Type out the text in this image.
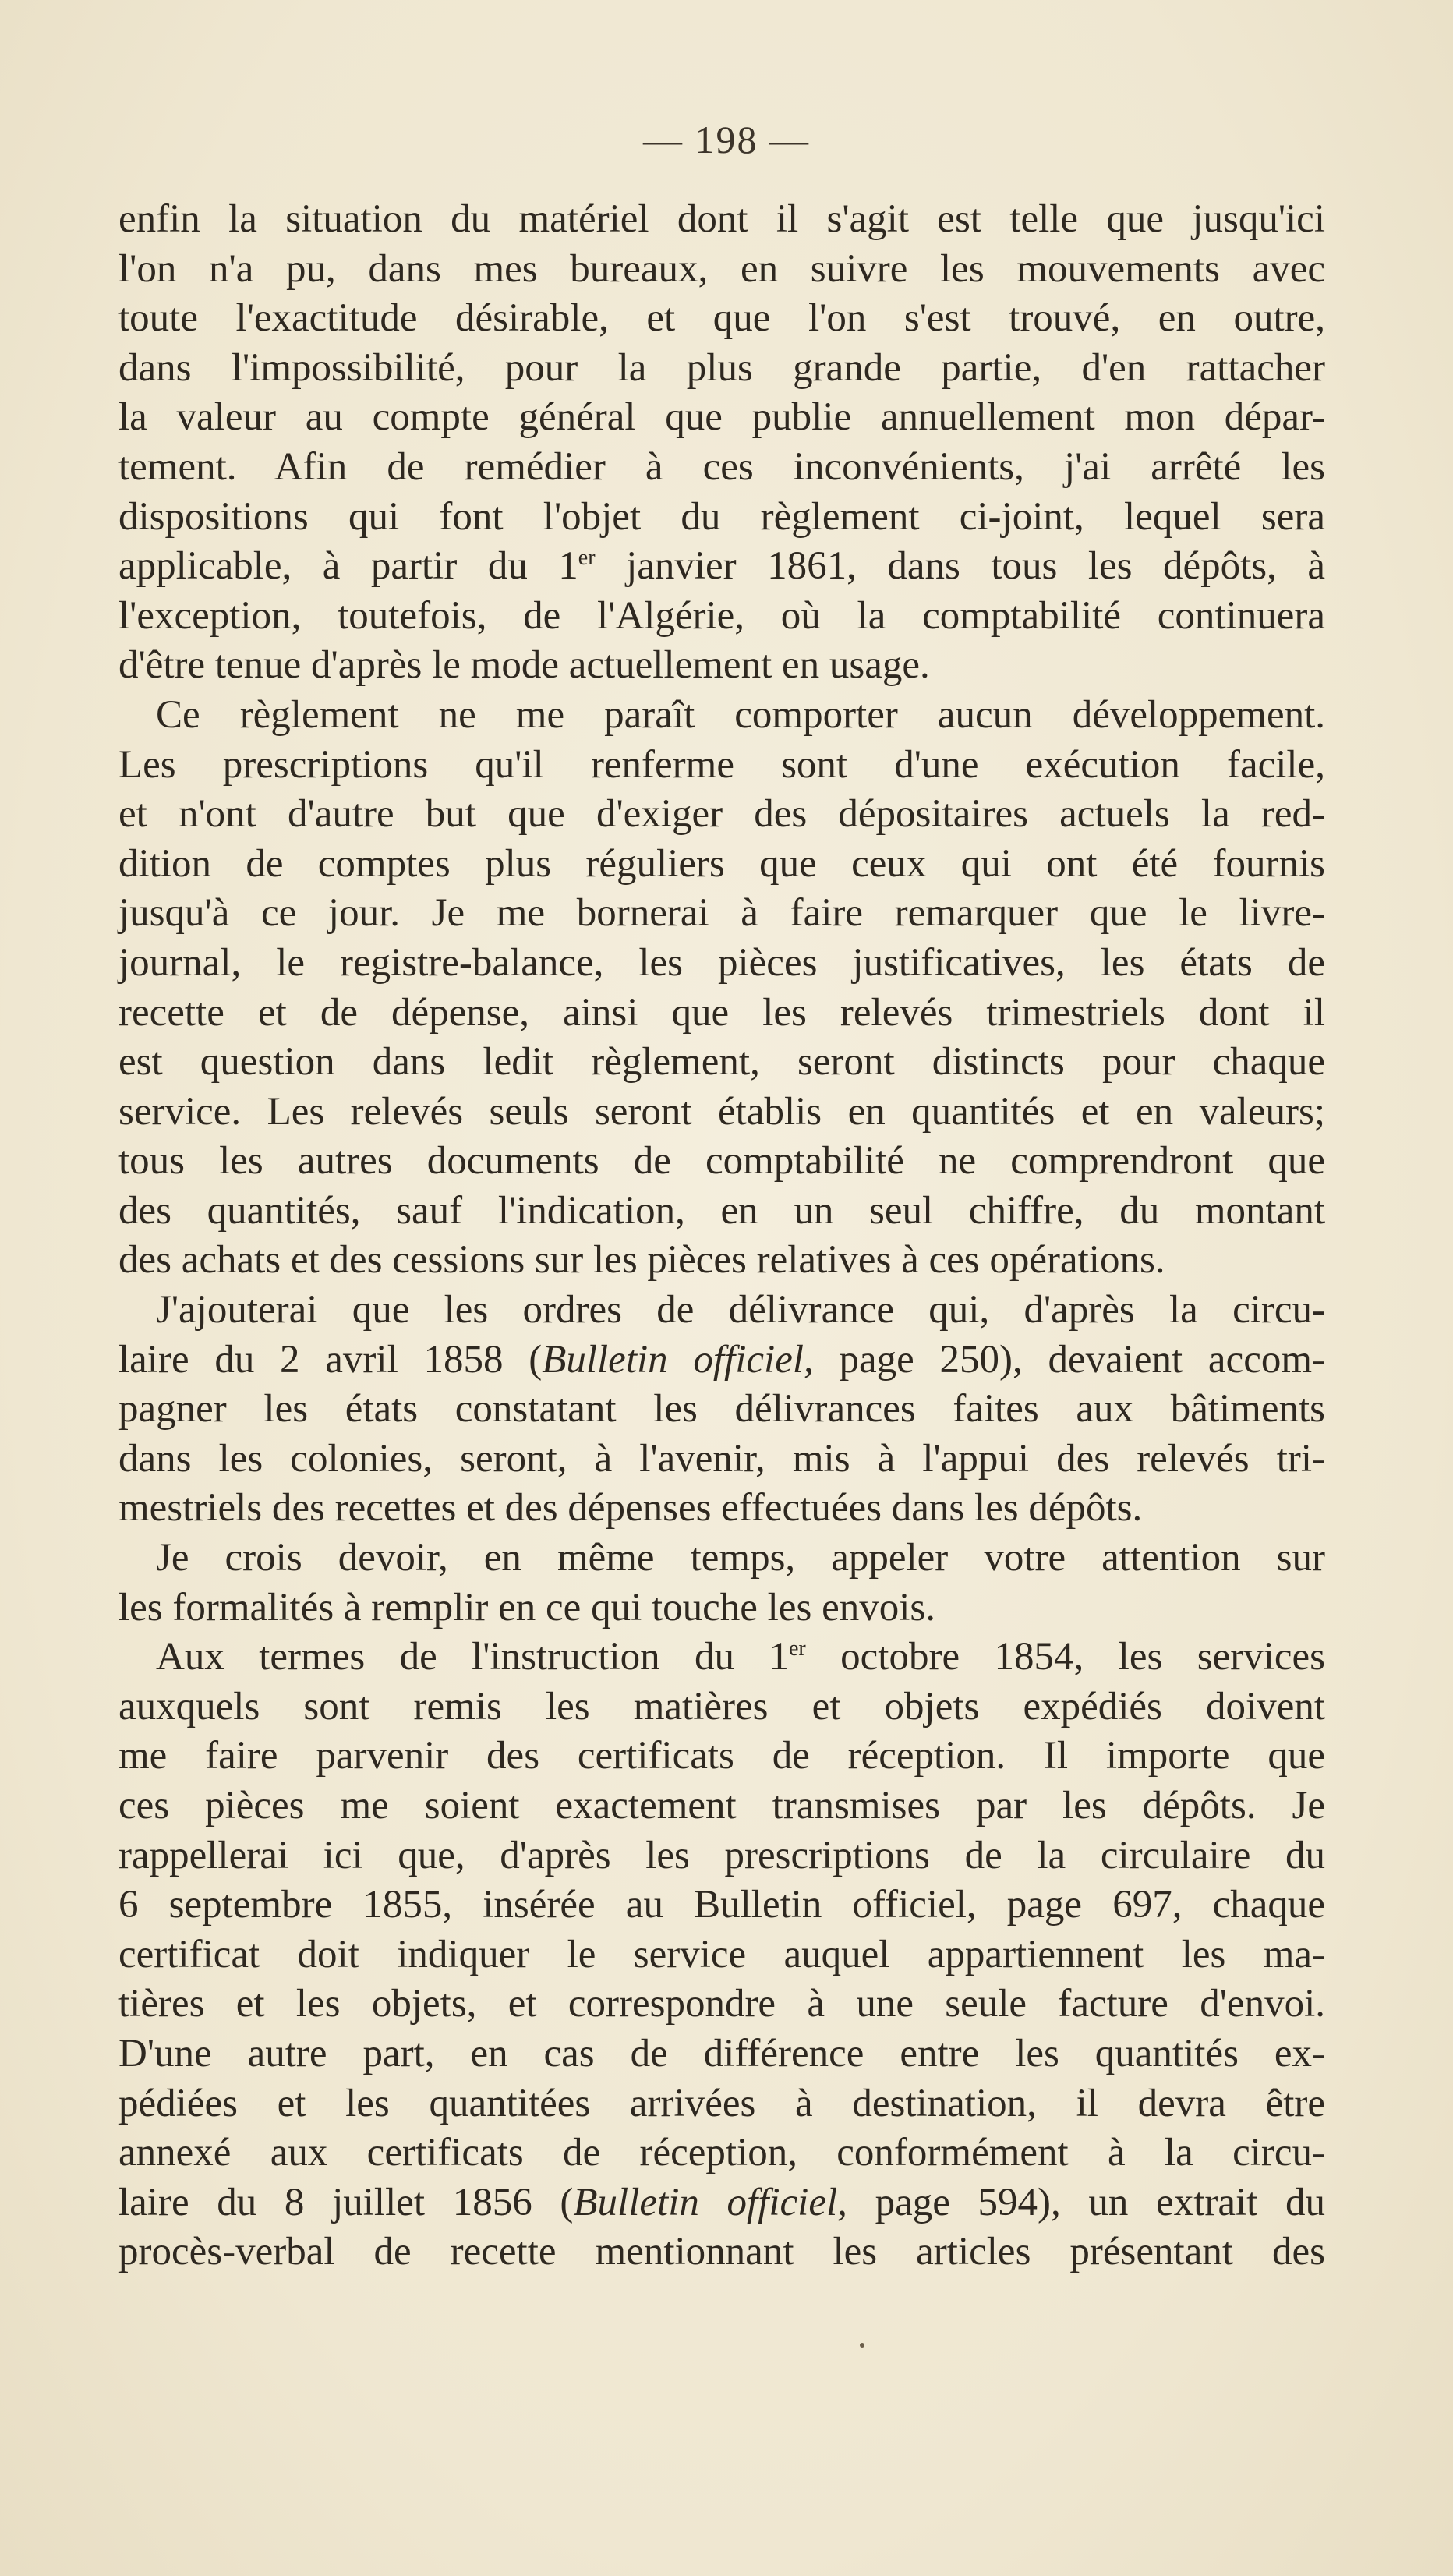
— 198 —
enfin la situation du matériel dont il s'agit est telle que jusqu'ici
l'on n'a pu, dans mes bureaux, en suivre les mouvements avec
toute l'exactitude désirable, et que l'on s'est trouvé, en outre,
dans l'impossibilité, pour la plus grande partie, d'en rattacher
la valeur au compte général que publie annuellement mon dépar-
tement. Afin de remédier à ces inconvénients, j'ai arrêté les
dispositions qui font l'objet du règlement ci-joint, lequel sera
applicable, à partir du 1er janvier 1861, dans tous les dépôts, à
l'exception, toutefois, de l'Algérie, où la comptabilité continuera
d'être tenue d'après le mode actuellement en usage.
Ce règlement ne me paraît comporter aucun développement.
Les prescriptions qu'il renferme sont d'une exécution facile,
et n'ont d'autre but que d'exiger des dépositaires actuels la red-
dition de comptes plus réguliers que ceux qui ont été fournis
jusqu'à ce jour. Je me bornerai à faire remarquer que le livre-
journal, le registre-balance, les pièces justificatives, les états de
recette et de dépense, ainsi que les relevés trimestriels dont il
est question dans ledit règlement, seront distincts pour chaque
service. Les relevés seuls seront établis en quantités et en valeurs;
tous les autres documents de comptabilité ne comprendront que
des quantités, sauf l'indication, en un seul chiffre, du montant
des achats et des cessions sur les pièces relatives à ces opérations.
J'ajouterai que les ordres de délivrance qui, d'après la circu-
laire du 2 avril 1858 (Bulletin officiel, page 250), devaient accom-
pagner les états constatant les délivrances faites aux bâtiments
dans les colonies, seront, à l'avenir, mis à l'appui des relevés tri-
mestriels des recettes et des dépenses effectuées dans les dépôts.
Je crois devoir, en même temps, appeler votre attention sur
les formalités à remplir en ce qui touche les envois.
Aux termes de l'instruction du 1er octobre 1854, les services
auxquels sont remis les matières et objets expédiés doivent
me faire parvenir des certificats de réception. Il importe que
ces pièces me soient exactement transmises par les dépôts. Je
rappellerai ici que, d'après les prescriptions de la circulaire du
6 septembre 1855, insérée au Bulletin officiel, page 697, chaque
certificat doit indiquer le service auquel appartiennent les ma-
tières et les objets, et correspondre à une seule facture d'envoi.
D'une autre part, en cas de différence entre les quantités ex-
pédiées et les quantitées arrivées à destination, il devra être
annexé aux certificats de réception, conformément à la circu-
laire du 8 juillet 1856 (Bulletin officiel, page 594), un extrait du
procès-verbal de recette mentionnant les articles présentant des
